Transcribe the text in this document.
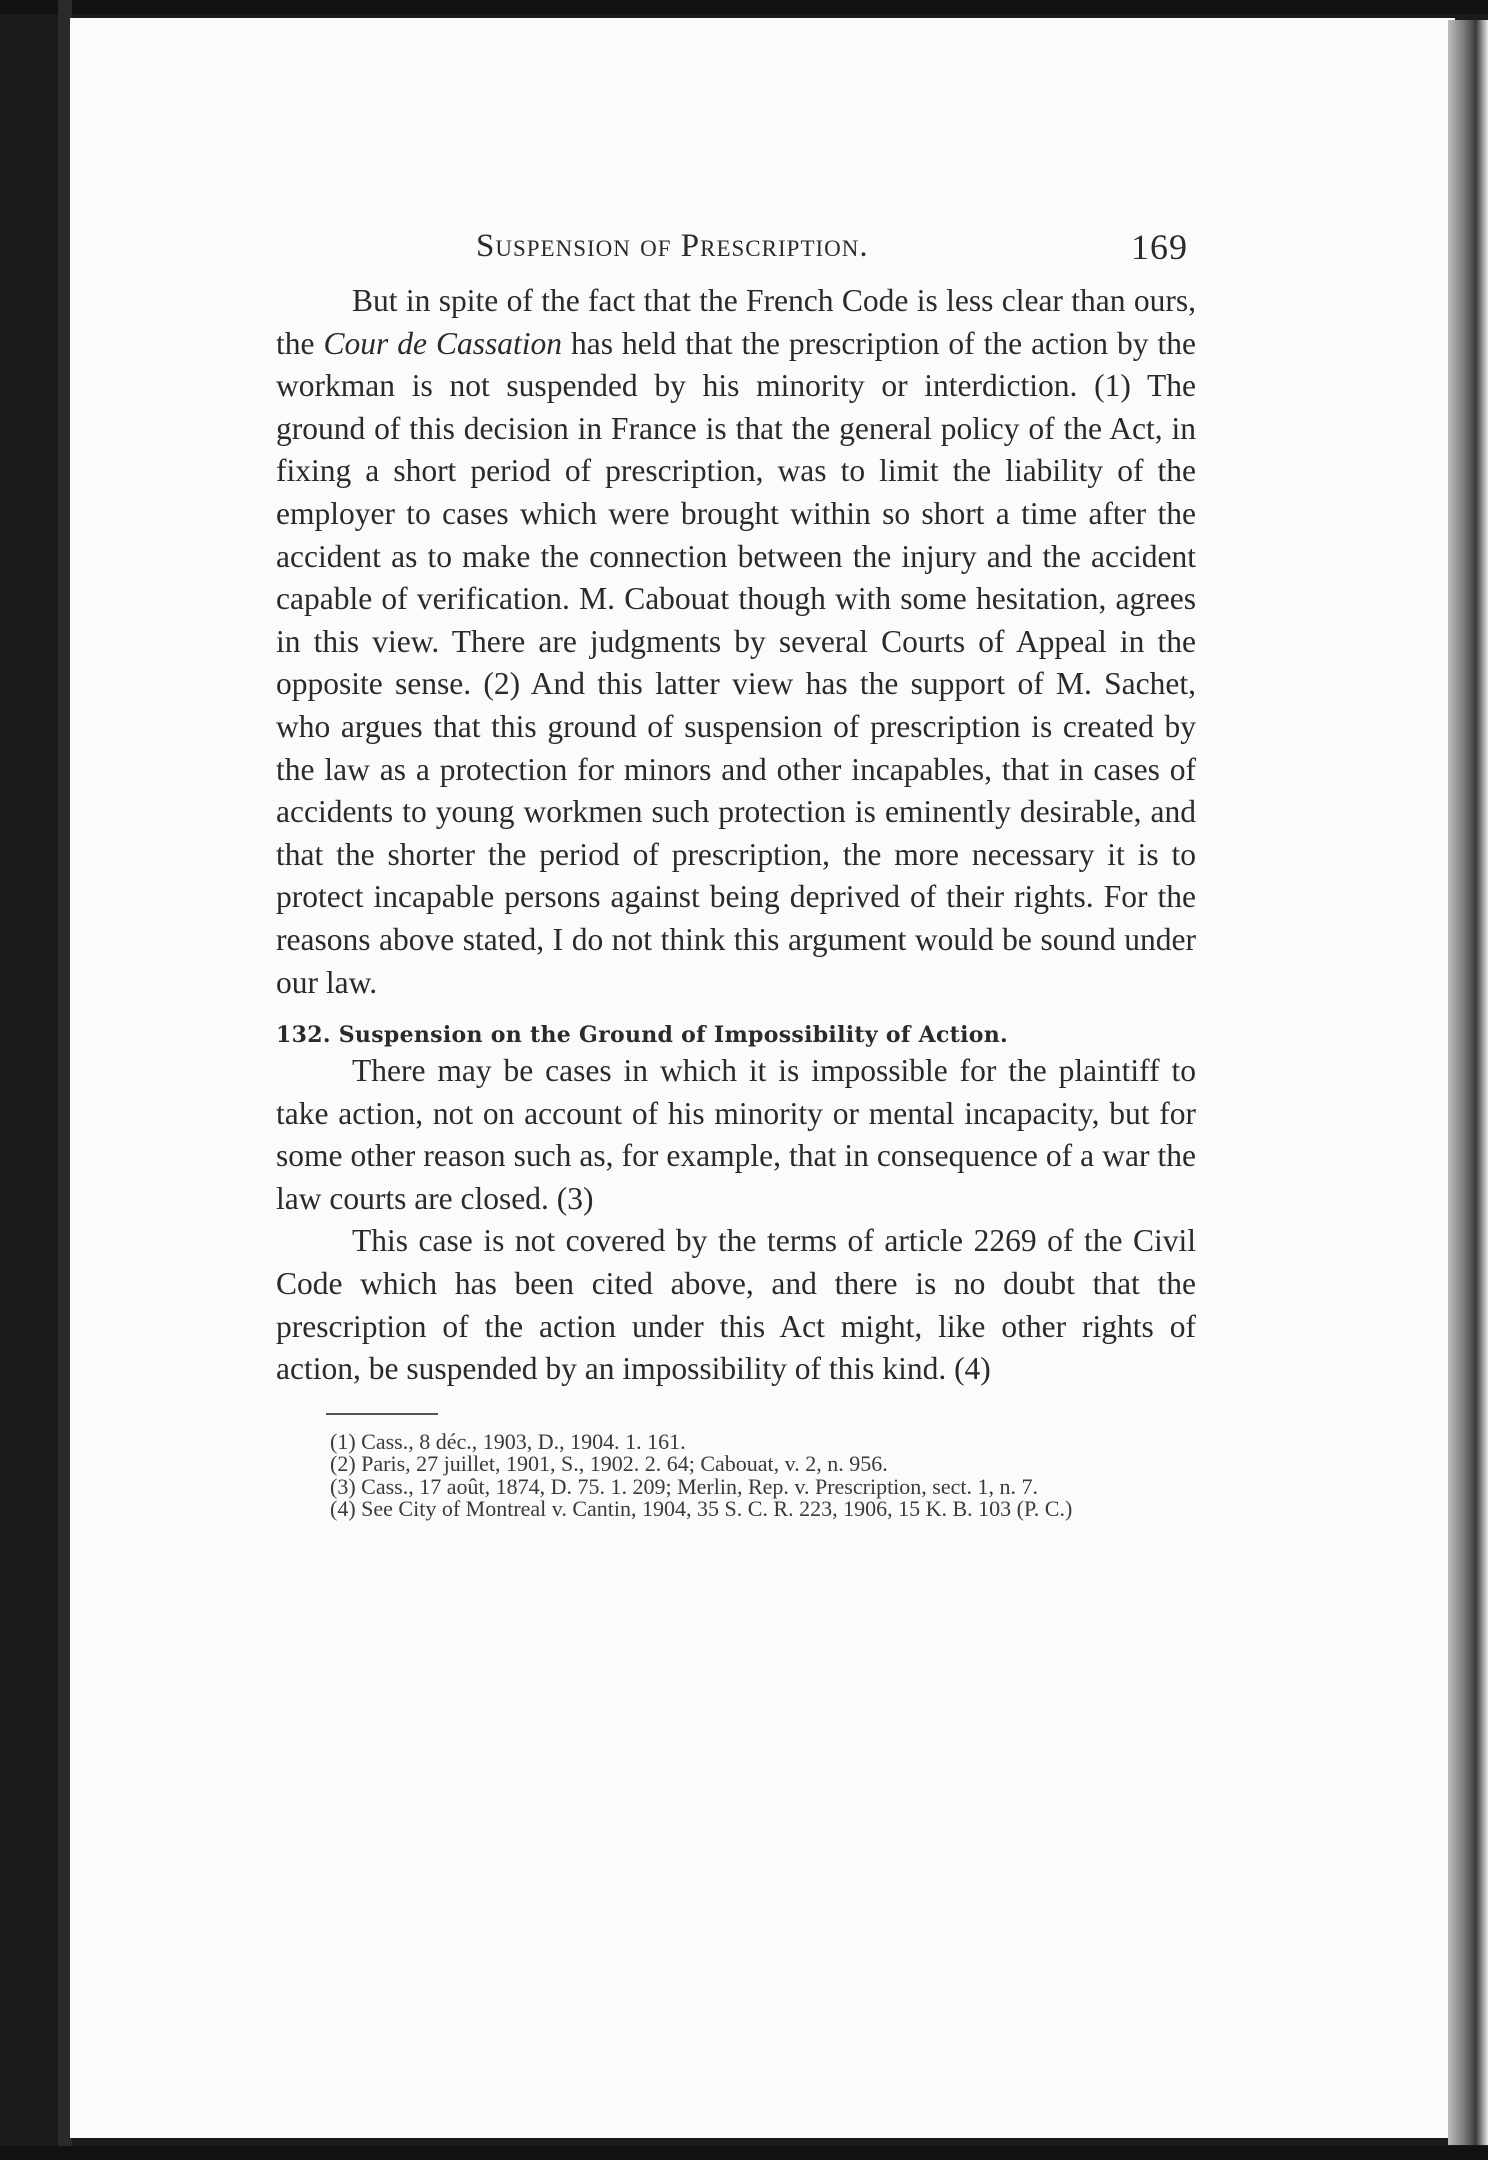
Suspension of Prescription.	169

But in spite of the fact that the French Code is less clear than ours, the Cour de Cassation has held that the prescription of the action by the workman is not suspended by his minority or interdiction. (1) The ground of this decision in France is that the general policy of the Act, in fixing a short period of prescription, was to limit the liability of the employer to cases which were brought within so short a time after the accident as to make the connection between the injury and the accident capable of verification. M. Cabouat though with some hesitation, agrees in this view. There are judgments by several Courts of Appeal in the opposite sense. (2) And this latter view has the support of M. Sachet, who argues that this ground of suspension of prescription is created by the law as a protection for minors and other incapables, that in cases of accidents to young workmen such protection is eminently desirable, and that the shorter the period of prescription, the more necessary it is to protect incapable persons against being deprived of their rights. For the reasons above stated, I do not think this argument would be sound under our law.

132. Suspension on the Ground of Impossibility of Action.

There may be cases in which it is impossible for the plaintiff to take action, not on account of his minority or mental incapacity, but for some other reason such as, for example, that in consequence of a war the law courts are closed. (3)

This case is not covered by the terms of article 2269 of the Civil Code which has been cited above, and there is no doubt that the prescription of the action under this Act might, like other rights of action, be suspended by an impossibility of this kind. (4)

(1) Cass., 8 déc., 1903, D., 1904. 1. 161.

(2) Paris, 27 juillet, 1901, S., 1902. 2. 64; Cabouat, v. 2, n. 956.

(3) Cass., 17 août, 1874, D. 75. 1. 209; Merlin, Rep. v. Prescription, sect. 1, n. 7.

(4) See City of Montreal v. Cantin, 1904, 35 S. C. R. 223, 1906, 15 K. B. 103 (P. C.)
